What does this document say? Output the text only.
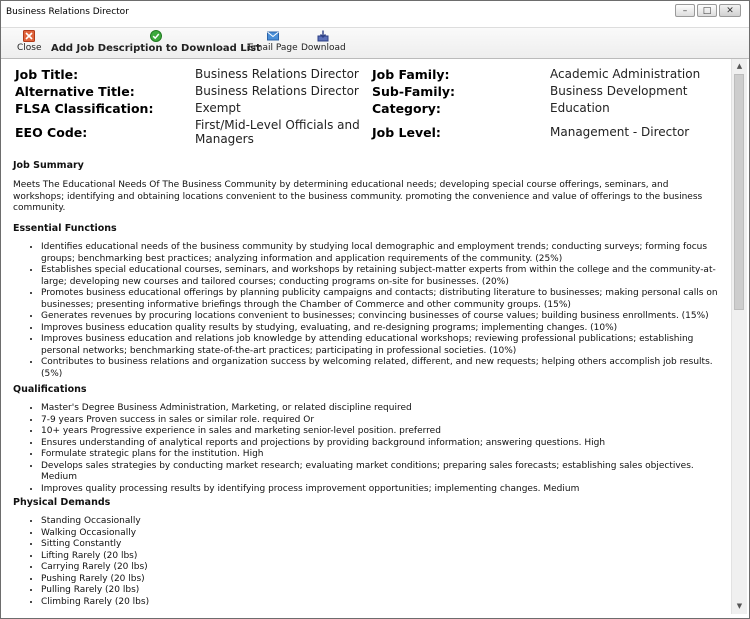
Business Relations Director	–	□	✕
Close Add Job Description to Download List
Email Page Download
Job Title:	Business Relations Director Job Family:	Academic Administration
Alternative Title:	Business Relations Director Sub-Family:	Business Development
FLSA Classification:	Exempt	Category:	Education
EEO Code:	First/Mid-Level Officials and Managers	Job Level:	Management - Director
Job Summary

Meets The Educational Needs Of The Business Community by determining educational needs; developing special course offerings, seminars, and workshops; identifying and obtaining locations convenient to the business community. promoting the convenience and value of offerings to the business community.

Essential Functions
• Identifies educational needs of the business community by studying local demographic and employment trends; conducting surveys; forming focus groups; benchmarking best practices; analyzing information and application requirements of the community. (25%)
• Establishes special educational courses, seminars, and workshops by retaining subject-matter experts from within the college and the community-at-large; developing new courses and tailored courses; conducting programs on-site for businesses. (20%)
• Promotes business educational offerings by planning publicity campaigns and contacts; distributing literature to businesses; making personal calls on businesses; presenting informative briefings through the Chamber of Commerce and other community groups. (15%)
• Generates revenues by procuring locations convenient to businesses; convincing businesses of course values; building business enrollments. (15%)
• Improves business education quality results by studying, evaluating, and re-designing programs; implementing changes. (10%)
• Improves business education and relations job knowledge by attending educational workshops; reviewing professional publications; establishing personal networks; benchmarking state-of-the-art practices; participating in professional societies. (10%)
• Contributes to business relations and organization success by welcoming related, different, and new requests; helping others accomplish job results. (5%)
Qualifications
• Master's Degree Business Administration, Marketing, or related discipline required
• 7-9 years Proven success in sales or similar role. required Or
• 10+ years Progressive experience in sales and marketing senior-level position. preferred
• Ensures understanding of analytical reports and projections by providing background information; answering questions. High
• Formulate strategic plans for the institution. High
• Develops sales strategies by conducting market research; evaluating market conditions; preparing sales forecasts; establishing sales objectives. Medium
• Improves quality processing results by identifying process improvement opportunities; implementing changes. Medium
Physical Demands
• Standing Occasionally
• Walking Occasionally
• Sitting Constantly
• Lifting Rarely (20 lbs)
• Carrying Rarely (20 lbs)
• Pushing Rarely (20 lbs)
• Pulling Rarely (20 lbs)
• Climbing Rarely (20 lbs)
▲
▼
